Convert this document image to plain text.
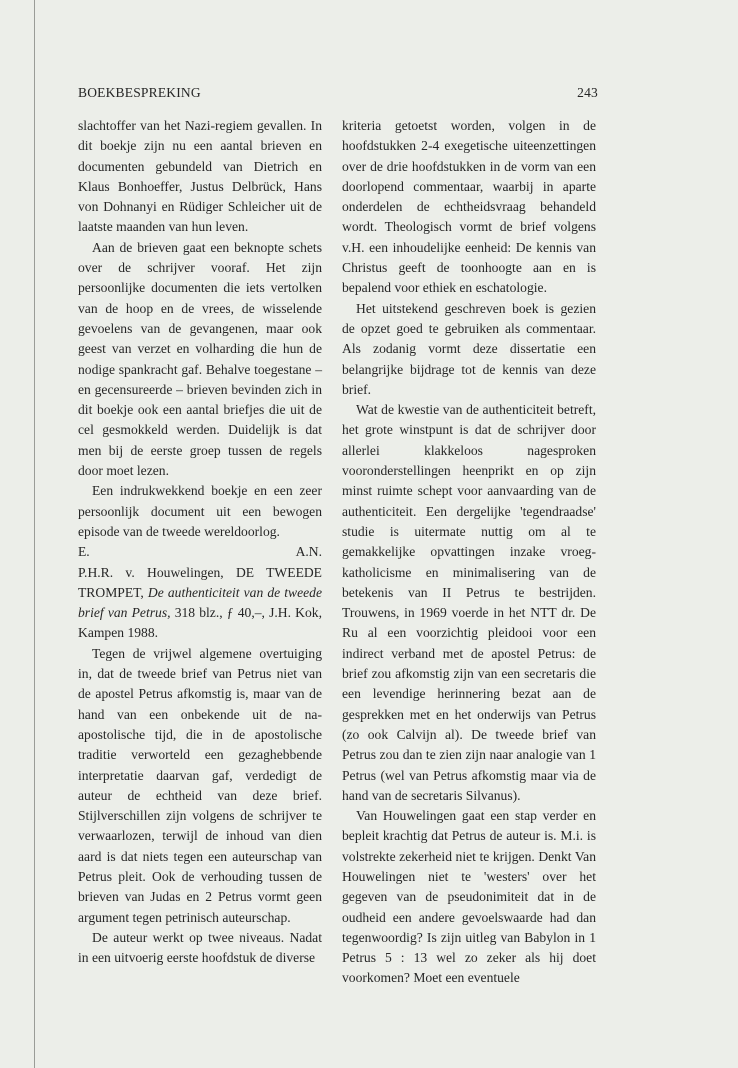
BOEKBESPREKING	243

slachtoffer van het Nazi-regiem gevallen. In dit boekje zijn nu een aantal brieven en documenten gebundeld van Dietrich en Klaus Bonhoeffer, Justus Delbrück, Hans von Dohnanyi en Rüdiger Schleicher uit de laatste maanden van hun leven.

Aan de brieven gaat een beknopte schets over de schrijver vooraf. Het zijn persoonlijke documenten die iets vertolken van de hoop en de vrees, de wisselende gevoelens van de gevangenen, maar ook geest van verzet en volharding die hun de nodige spankracht gaf. Behalve toegestane – en gecensureerde – brieven bevinden zich in dit boekje ook een aantal briefjes die uit de cel gesmokkeld werden. Duidelijk is dat men bij de eerste groep tussen de regels door moet lezen.

Een indrukwekkend boekje en een zeer persoonlijk document uit een bewogen episode van de tweede wereldoorlog.

E.	A.N.

P.H.R. v. Houwelingen, DE TWEEDE TROMPET, De authenticiteit van de tweede brief van Petrus, 318 blz., ƒ 40,–, J.H. Kok, Kampen 1988.

Tegen de vrijwel algemene overtuiging in, dat de tweede brief van Petrus niet van de apostel Petrus afkomstig is, maar van de hand van een onbekende uit de na-apostolische tijd, die in de apostolische traditie verworteld een gezaghebbende interpretatie daarvan gaf, verdedigt de auteur de echtheid van deze brief. Stijlverschillen zijn volgens de schrijver te verwaarlozen, terwijl de inhoud van dien aard is dat niets tegen een auteurschap van Petrus pleit. Ook de verhouding tussen de brieven van Judas en 2 Petrus vormt geen argument tegen petrinisch auteurschap.

De auteur werkt op twee niveaus. Nadat in een uitvoerig eerste hoofdstuk de diverse

kriteria getoetst worden, volgen in de hoofdstukken 2-4 exegetische uiteenzettingen over de drie hoofdstukken in de vorm van een doorlopend commentaar, waarbij in aparte onderdelen de echtheidsvraag behandeld wordt. Theologisch vormt de brief volgens v.H. een inhoudelijke eenheid: De kennis van Christus geeft de toonhoogte aan en is bepalend voor ethiek en eschatologie.

Het uitstekend geschreven boek is gezien de opzet goed te gebruiken als commentaar. Als zodanig vormt deze dissertatie een belangrijke bijdrage tot de kennis van deze brief.

Wat de kwestie van de authenticiteit betreft, het grote winstpunt is dat de schrijver door allerlei klakkeloos nagesproken vooronderstellingen heenprikt en op zijn minst ruimte schept voor aanvaarding van de authenticiteit. Een dergelijke 'tegendraadse' studie is uitermate nuttig om al te gemakkelijke opvattingen inzake vroeg-katholicisme en minimalisering van de betekenis van II Petrus te bestrijden. Trouwens, in 1969 voerde in het NTT dr. De Ru al een voorzichtig pleidooi voor een indirect verband met de apostel Petrus: de brief zou afkomstig zijn van een secretaris die een levendige herinnering bezat aan de gesprekken met en het onderwijs van Petrus (zo ook Calvijn al). De tweede brief van Petrus zou dan te zien zijn naar analogie van 1 Petrus (wel van Petrus afkomstig maar via de hand van de secretaris Silvanus).

Van Houwelingen gaat een stap verder en bepleit krachtig dat Petrus de auteur is. M.i. is volstrekte zekerheid niet te krijgen. Denkt Van Houwelingen niet te 'westers' over het gegeven van de pseudonimiteit dat in de oudheid een andere gevoelswaarde had dan tegenwoordig? Is zijn uitleg van Babylon in 1 Petrus 5 : 13 wel zo zeker als hij doet voorkomen? Moet een eventuele
